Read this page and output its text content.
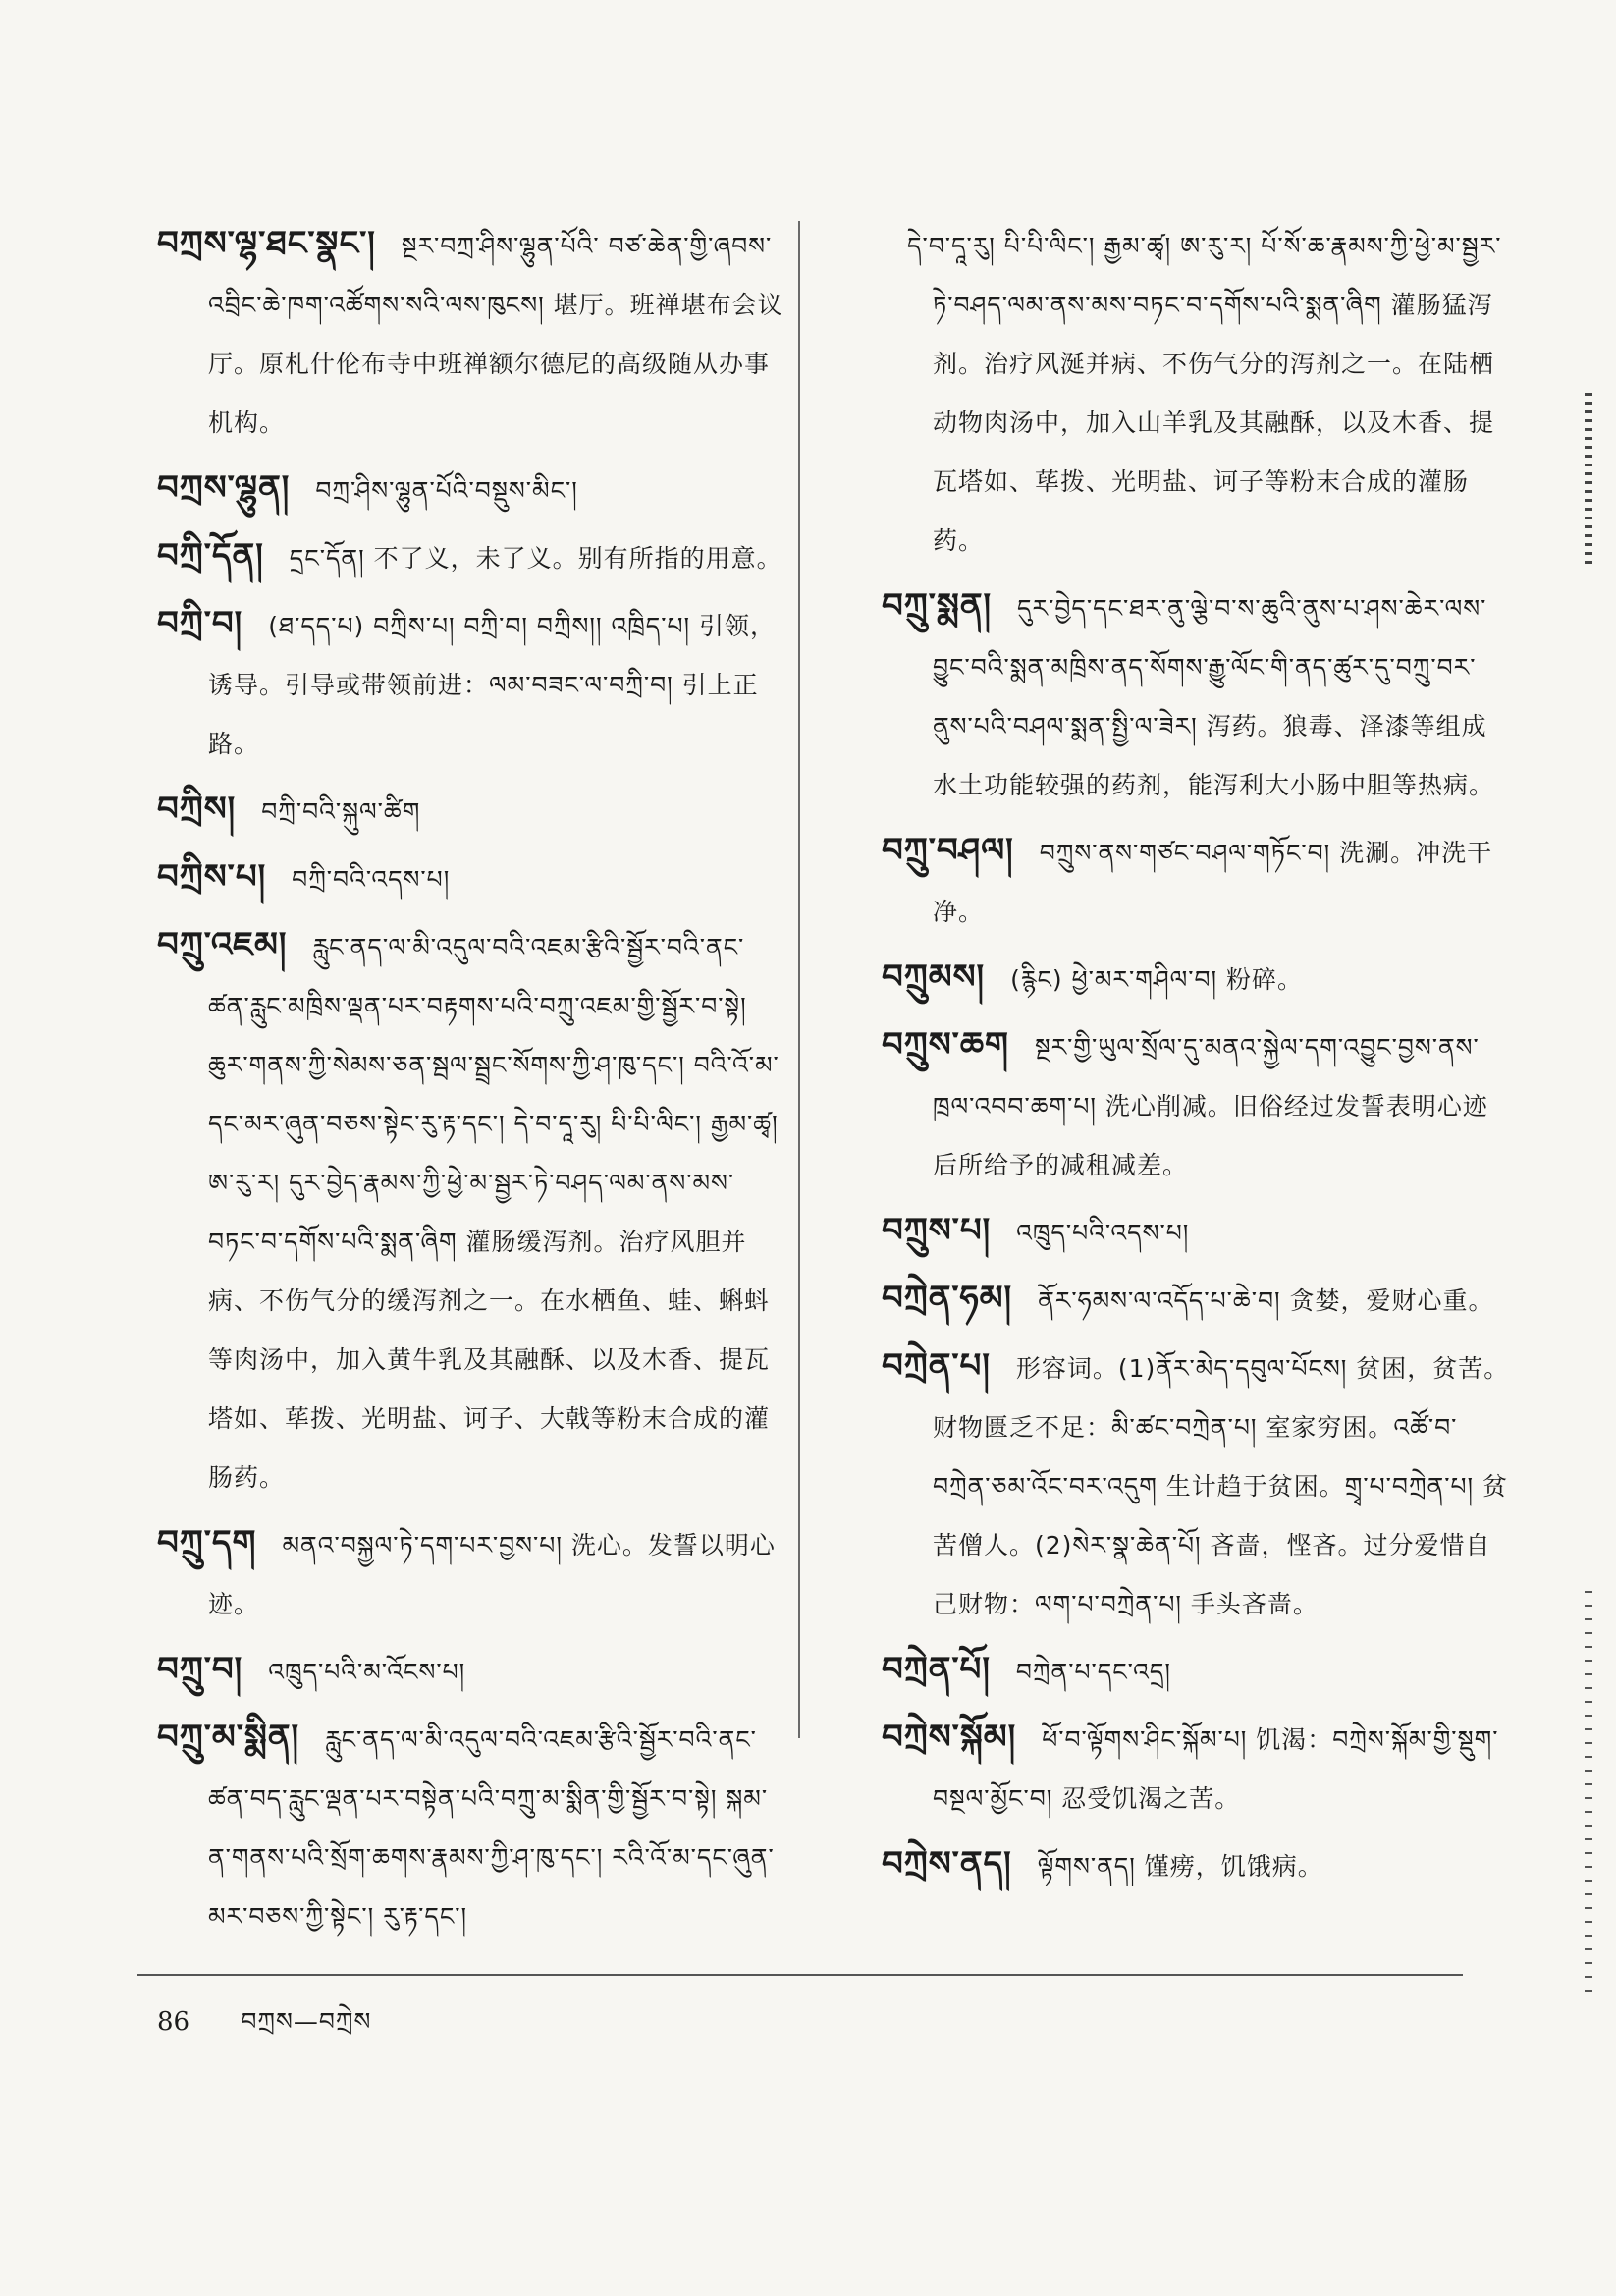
བཀྲས་ལྷ་ཐང་སྣང་། སྔར་བཀྲ་ཤིས་ལྷུན་པོའི་ བཙ་ཆེན་གྱི་ཞབས་འབྲིང་ཆེ་ཁག་འཚོགས་སའི་ལས་ཁུངས། 堪厅。班禅堪布会议厅。原札什伦布寺中班禅额尔德尼的高级随从办事机构。
བཀྲས་ལྷུན། བཀྲ་ཤིས་ལྷུན་པོའི་བསྡུས་མིང་།
བཀྲི་དོན། དྲང་དོན། 不了义，未了义。别有所指的用意。
བཀྲི་བ། (ཐ་དད་པ) བཀྲིས་པ། བཀྲི་བ། བཀྲིས།། འཁྲིད་པ། 引领，诱导。引导或带领前进：ལམ་བཟང་ལ་བཀྲི་བ། 引上正路。
བཀྲིས། བཀྲི་བའི་སྐུལ་ཚིག
བཀྲིས་པ། བཀྲི་བའི་འདས་པ།
བཀྲུ་འཇམ། རླུང་ནད་ལ་མི་འདུལ་བའི་འཇམ་རྩིའི་སྦྱོར་བའི་ནང་ཚན་རླུང་མཁྲིས་ལྡན་པར་བརྟགས་པའི་བཀྲུ་འཇམ་གྱི་སྦྱོར་བ་སྟེ། ཆུར་གནས་ཀྱི་སེམས་ཅན་སྦལ་སྦྲང་སོགས་ཀྱི་ཤ་ཁུ་དང་། བའི་འོ་མ་དང་མར་ཞུན་བཅས་སྟེང་རུ་རྟ་དང་། དེ་བ་དཱ་རུ། པི་པི་ལིང་། རྒྱམ་ཚྭ། ཨ་རུ་ར། དུར་བྱེད་རྣམས་ཀྱི་ཕྱེ་མ་སྦྱར་ཏེ་བཤད་ལམ་ནས་མས་བཏང་བ་དགོས་པའི་སྨན་ཞིག 灌肠缓泻剂。治疗风胆并病、不伤气分的缓泻剂之一。在水栖鱼、蛙、蝌蚪等肉汤中，加入黄牛乳及其融酥、以及木香、提瓦塔如、荜拨、光明盐、诃子、大戟等粉末合成的灌肠药。
བཀྲུ་དག མནའ་བསྐྱལ་ཏེ་དག་པར་བྱས་པ། 洗心。发誓以明心迹。
བཀྲུ་བ། འཁྲུད་པའི་མ་འོངས་པ།
བཀྲུ་མ་སྨིན། རླུང་ནད་ལ་མི་འདུལ་བའི་འཇམ་རྩིའི་སྦྱོར་བའི་ནང་ཚན་བད་རླུང་ལྡན་པར་བསྟེན་པའི་བཀྲུ་མ་སྨིན་གྱི་སྦྱོར་བ་སྟེ། སྐམ་ན་གནས་པའི་སྲོག་ཆགས་རྣམས་ཀྱི་ཤ་ཁུ་དང་། རའི་འོ་མ་དང་ཞུན་མར་བཅས་ཀྱི་སྟེང་། རུ་རྟ་དང་།
དེ་བ་དཱ་རུ། པི་པི་ལིང་། རྒྱམ་ཚྭ། ཨ་རུ་ར། པོ་སོ་ཆ་རྣམས་ཀྱི་ཕྱེ་མ་སྦྱར་ཏེ་བཤད་ལམ་ནས་མས་བཏང་བ་དགོས་པའི་སྨན་ཞིག 灌肠猛泻剂。治疗风涎并病、不伤气分的泻剂之一。在陆栖动物肉汤中，加入山羊乳及其融酥，以及木香、提瓦塔如、荜拨、光明盐、诃子等粉末合成的灌肠药。
བཀྲུ་སྨན། དུར་བྱེད་དང་ཐར་ནུ་ལྕེ་བ་ས་ཆུའི་ནུས་པ་ཤས་ཆེར་ལས་བྱུང་བའི་སྨན་མཁྲིས་ནད་སོགས་རྒྱུ་ལོང་གི་ནད་ཚུར་དུ་བཀྲུ་བར་ནུས་པའི་བཤལ་སྨན་སྤྱི་ལ་ཟེར། 泻药。狼毒、泽漆等组成水土功能较强的药剂，能泻利大小肠中胆等热病。
བཀྲུ་བཤལ། བཀྲུས་ནས་གཙང་བཤལ་གཏོང་བ། 洗涮。冲洗干净。
བཀྲུམས། (རྙིང) ཕྱེ་མར་གཤིལ་བ། 粉碎。
བཀྲུས་ཆག སྔར་གྱི་ཡུལ་སྲོལ་དུ་མནའ་སྐྱེལ་དག་འབྱུང་བྱས་ནས་ཁྲལ་འབབ་ཆག་པ། 洗心削减。旧俗经过发誓表明心迹后所给予的减租减差。
བཀྲུས་པ། འཁྲུད་པའི་འདས་པ།
བཀྲེན་ཧམ། ནོར་ཧམས་ལ་འདོད་པ་ཆེ་བ། 贪婪，爱财心重。
བཀྲེན་པ། 形容词。(1)ནོར་མེད་དབུལ་པོངས། 贫困，贫苦。财物匮乏不足：མི་ཚང་བཀྲེན་པ། 室家穷困。འཚོ་བ་བཀྲེན་ཅམ་འོང་བར་འདུག 生计趋于贫困。གྲྭ་པ་བཀྲེན་པ། 贫苦僧人。(2)སེར་སྣ་ཆེན་པོ། 吝啬，悭吝。过分爱惜自己财物：ལག་པ་བཀྲེན་པ། 手头吝啬。
བཀྲེན་པོ། བཀྲེན་པ་དང་འདྲ།
བཀྲེས་སྐོམ། ཕོ་བ་ལྟོགས་ཤིང་སྐོམ་པ། 饥渴：བཀྲེས་སྐོམ་གྱི་སྡུག་བསྔལ་མྱོང་བ། 忍受饥渴之苦。
བཀྲེས་ནད། ལྟོགས་ནད། 馑痨，饥饿病。
86 བཀྲས—བཀྲེས
